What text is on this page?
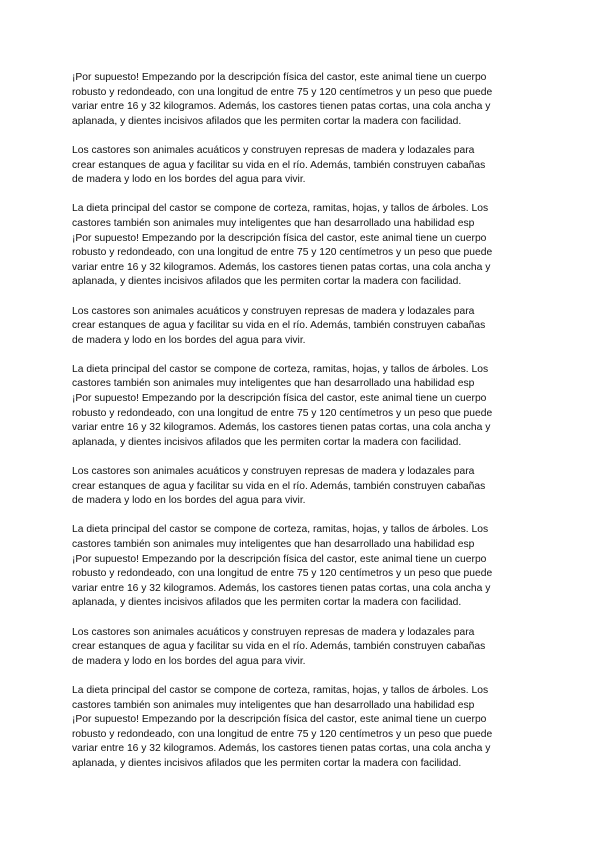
¡Por supuesto! Empezando por la descripción física del castor, este animal tiene un cuerpo
robusto y redondeado, con una longitud de entre 75 y 120 centímetros y un peso que puede
variar entre 16 y 32 kilogramos. Además, los castores tienen patas cortas, una cola ancha y
aplanada, y dientes incisivos afilados que les permiten cortar la madera con facilidad.
Los castores son animales acuáticos y construyen represas de madera y lodazales para
crear estanques de agua y facilitar su vida en el río. Además, también construyen cabañas
de madera y lodo en los bordes del agua para vivir.
La dieta principal del castor se compone de corteza, ramitas, hojas, y tallos de árboles. Los
castores también son animales muy inteligentes que han desarrollado una habilidad esp
¡Por supuesto! Empezando por la descripción física del castor, este animal tiene un cuerpo
robusto y redondeado, con una longitud de entre 75 y 120 centímetros y un peso que puede
variar entre 16 y 32 kilogramos. Además, los castores tienen patas cortas, una cola ancha y
aplanada, y dientes incisivos afilados que les permiten cortar la madera con facilidad.
Los castores son animales acuáticos y construyen represas de madera y lodazales para
crear estanques de agua y facilitar su vida en el río. Además, también construyen cabañas
de madera y lodo en los bordes del agua para vivir.
La dieta principal del castor se compone de corteza, ramitas, hojas, y tallos de árboles. Los
castores también son animales muy inteligentes que han desarrollado una habilidad esp
¡Por supuesto! Empezando por la descripción física del castor, este animal tiene un cuerpo
robusto y redondeado, con una longitud de entre 75 y 120 centímetros y un peso que puede
variar entre 16 y 32 kilogramos. Además, los castores tienen patas cortas, una cola ancha y
aplanada, y dientes incisivos afilados que les permiten cortar la madera con facilidad.
Los castores son animales acuáticos y construyen represas de madera y lodazales para
crear estanques de agua y facilitar su vida en el río. Además, también construyen cabañas
de madera y lodo en los bordes del agua para vivir.
La dieta principal del castor se compone de corteza, ramitas, hojas, y tallos de árboles. Los
castores también son animales muy inteligentes que han desarrollado una habilidad esp
¡Por supuesto! Empezando por la descripción física del castor, este animal tiene un cuerpo
robusto y redondeado, con una longitud de entre 75 y 120 centímetros y un peso que puede
variar entre 16 y 32 kilogramos. Además, los castores tienen patas cortas, una cola ancha y
aplanada, y dientes incisivos afilados que les permiten cortar la madera con facilidad.
Los castores son animales acuáticos y construyen represas de madera y lodazales para
crear estanques de agua y facilitar su vida en el río. Además, también construyen cabañas
de madera y lodo en los bordes del agua para vivir.
La dieta principal del castor se compone de corteza, ramitas, hojas, y tallos de árboles. Los
castores también son animales muy inteligentes que han desarrollado una habilidad esp
¡Por supuesto! Empezando por la descripción física del castor, este animal tiene un cuerpo
robusto y redondeado, con una longitud de entre 75 y 120 centímetros y un peso que puede
variar entre 16 y 32 kilogramos. Además, los castores tienen patas cortas, una cola ancha y
aplanada, y dientes incisivos afilados que les permiten cortar la madera con facilidad.
